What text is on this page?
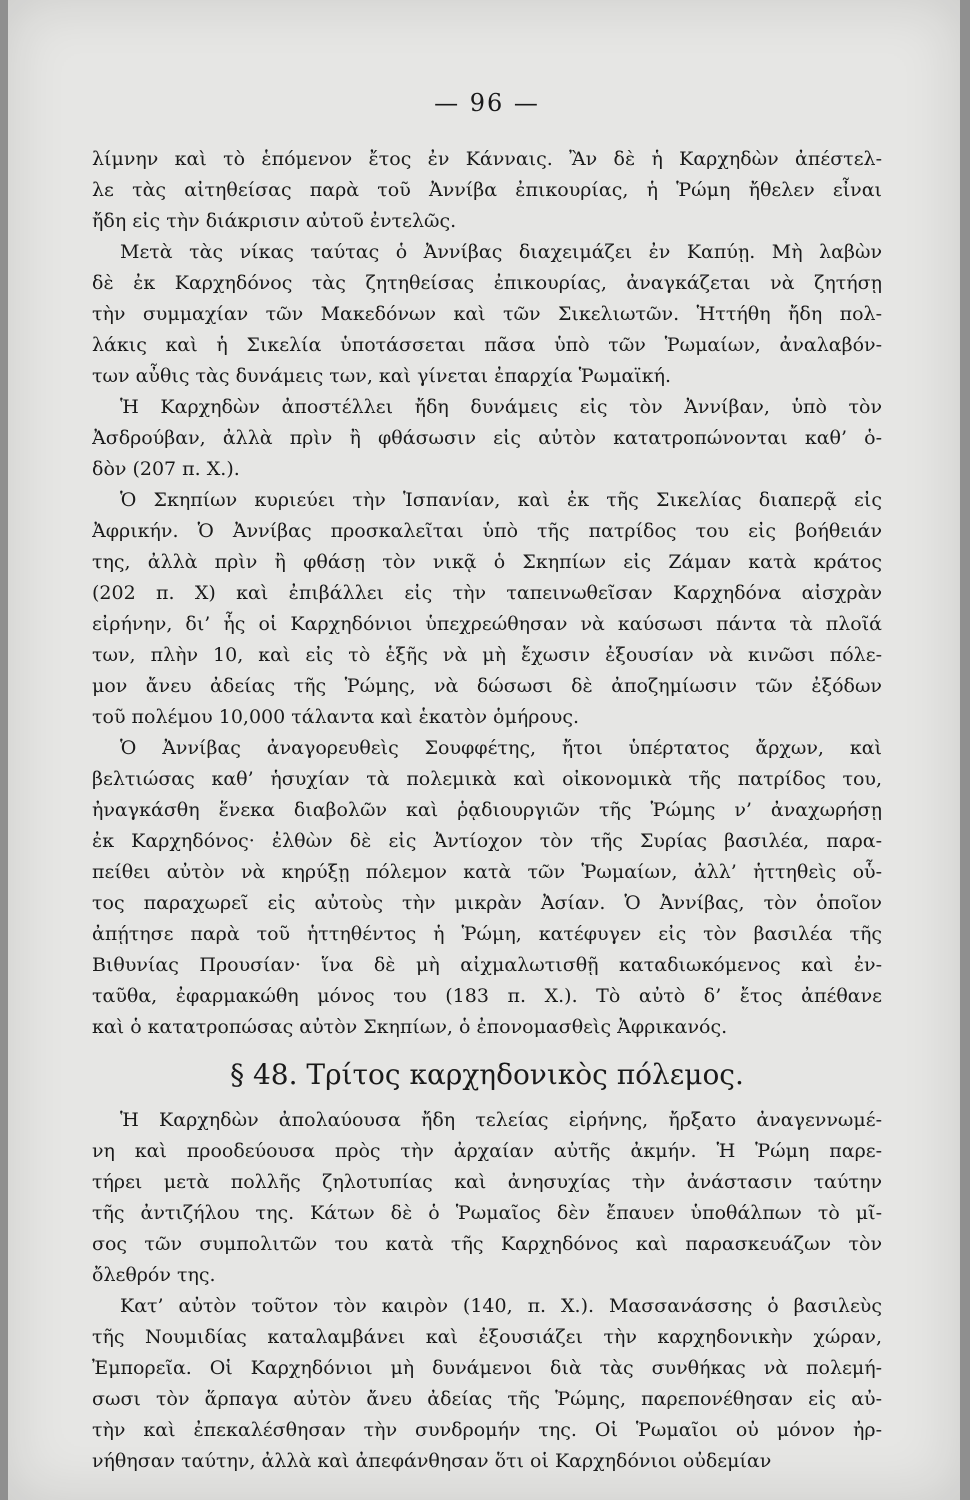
— 96 —
λίμνην καὶ τὸ ἑπόμενον ἔτος ἐν Κάνναις. Ἂν δὲ ἡ Καρχηδὼν ἀπέστελ-
λε τὰς αἰτηθείσας παρὰ τοῦ Ἀννίβα ἐπικουρίας, ἡ Ῥώμη ἤθελεν εἶναι
ἤδη εἰς τὴν διάκρισιν αὐτοῦ ἐντελῶς.
Μετὰ τὰς νίκας ταύτας ὁ Ἀννίβας διαχειμάζει ἐν Καπύῃ. Μὴ λαβὼν
δὲ ἐκ Καρχηδόνος τὰς ζητηθείσας ἐπικουρίας, ἀναγκάζεται νὰ ζητήσῃ
τὴν συμμαχίαν τῶν Μακεδόνων καὶ τῶν Σικελιωτῶν. Ἡττήθη ἤδη πολ-
λάκις καὶ ἡ Σικελία ὑποτάσσεται πᾶσα ὑπὸ τῶν Ῥωμαίων, ἀναλαβόν-
των αὖθις τὰς δυνάμεις των, καὶ γίνεται ἐπαρχία Ῥωμαϊκή.
Ἡ Καρχηδὼν ἀποστέλλει ἤδη δυνάμεις εἰς τὸν Ἀννίβαν, ὑπὸ τὸν
Ἀσδρούβαν, ἀλλὰ πρὶν ἢ φθάσωσιν εἰς αὐτὸν κατατροπώνονται καθ’ ὁ-
δὸν (207 π. Χ.).
Ὁ Σκηπίων κυριεύει τὴν Ἱσπανίαν, καὶ ἐκ τῆς Σικελίας διαπερᾷ εἰς
Ἀφρικήν. Ὁ Ἀννίβας προσκαλεῖται ὑπὸ τῆς πατρίδος του εἰς βοήθειάν
της, ἀλλὰ πρὶν ἢ φθάσῃ τὸν νικᾷ ὁ Σκηπίων εἰς Ζάμαν κατὰ κράτος
(202 π. Χ) καὶ ἐπιβάλλει εἰς τὴν ταπεινωθεῖσαν Καρχηδόνα αἰσχρὰν
εἰρήνην, δι’ ἧς οἱ Καρχηδόνιοι ὑπεχρεώθησαν νὰ καύσωσι πάντα τὰ πλοῖά
των, πλὴν 10, καὶ εἰς τὸ ἑξῆς νὰ μὴ ἔχωσιν ἐξουσίαν νὰ κινῶσι πόλε-
μον ἄνευ ἀδείας τῆς Ῥώμης, νὰ δώσωσι δὲ ἀποζημίωσιν τῶν ἐξόδων
τοῦ πολέμου 10,000 τάλαντα καὶ ἑκατὸν ὁμήρους.
Ὁ Ἀννίβας ἀναγορευθεὶς Σουφφέτης, ἤτοι ὑπέρτατος ἄρχων, καὶ
βελτιώσας καθ’ ἡσυχίαν τὰ πολεμικὰ καὶ οἰκονομικὰ τῆς πατρίδος του,
ἠναγκάσθη ἕνεκα διαβολῶν καὶ ῥᾳδιουργιῶν τῆς Ῥώμης ν’ ἀναχωρήσῃ
ἐκ Καρχηδόνος· ἐλθὼν δὲ εἰς Ἀντίοχον τὸν τῆς Συρίας βασιλέα, παρα-
πείθει αὐτὸν νὰ κηρύξῃ πόλεμον κατὰ τῶν Ῥωμαίων, ἀλλ’ ἡττηθεὶς οὗ-
τος παραχωρεῖ εἰς αὐτοὺς τὴν μικρὰν Ἀσίαν. Ὁ Ἀννίβας, τὸν ὁποῖον
ἀπῄτησε παρὰ τοῦ ἡττηθέντος ἡ Ῥώμη, κατέφυγεν εἰς τὸν βασιλέα τῆς
Βιθυνίας Προυσίαν· ἵνα δὲ μὴ αἰχμαλωτισθῇ καταδιωκόμενος καὶ ἐν-
ταῦθα, ἐφαρμακώθη μόνος του (183 π. Χ.). Τὸ αὐτὸ δ’ ἔτος ἀπέθανε
καὶ ὁ κατατροπώσας αὐτὸν Σκηπίων, ὁ ἐπονομασθεὶς Ἀφρικανός.
§ 48. Τρίτος καρχηδονικὸς πόλεμος.
Ἡ Καρχηδὼν ἀπολαύουσα ἤδη τελείας εἰρήνης, ἤρξατο ἀναγεννωμέ-
νη καὶ προοδεύουσα πρὸς τὴν ἀρχαίαν αὐτῆς ἀκμήν. Ἡ Ῥώμη παρε-
τήρει μετὰ πολλῆς ζηλοτυπίας καὶ ἀνησυχίας τὴν ἀνάστασιν ταύτην
τῆς ἀντιζήλου της. Κάτων δὲ ὁ Ῥωμαῖος δὲν ἔπαυεν ὑποθάλπων τὸ μῖ-
σος τῶν συμπολιτῶν του κατὰ τῆς Καρχηδόνος καὶ παρασκευάζων τὸν
ὄλεθρόν της.
Κατ’ αὐτὸν τοῦτον τὸν καιρὸν (140, π. Χ.). Μασσανάσσης ὁ βασιλεὺς
τῆς Νουμιδίας καταλαμβάνει καὶ ἐξουσιάζει τὴν καρχηδονικὴν χώραν,
Ἐμπορεῖα. Οἱ Καρχηδόνιοι μὴ δυνάμενοι διὰ τὰς συνθήκας νὰ πολεμή-
σωσι τὸν ἅρπαγα αὐτὸν ἄνευ ἀδείας τῆς Ῥώμης, παρεπονέθησαν εἰς αὐ-
τὴν καὶ ἐπεκαλέσθησαν τὴν συνδρομήν της. Οἱ Ῥωμαῖοι οὐ μόνον ἠρ-
νήθησαν ταύτην, ἀλλὰ καὶ ἀπεφάνθησαν ὅτι οἱ Καρχηδόνιοι οὐδεμίαν
